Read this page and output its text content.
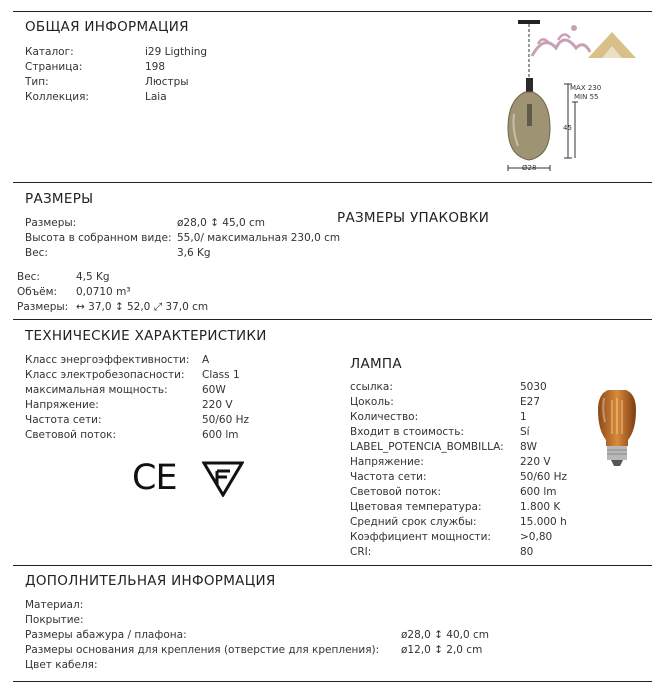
ОБЩАЯ ИНФОРМАЦИЯ
Каталог:	i29 Ligthing
Страница:	198
Тип:	Люстры
Коллекция:	Laia
MAX 230
MIN 55
45
Ø28
РАЗМЕРЫ
Размеры:	ø28,0 ↕ 45,0 cm
Высота в собранном виде: 55,0/ максимальная 230,0 cm
Вес:	3,6 Kg
РАЗМЕРЫ УПАКОВКИ
Вес:	4,5 Kg
Объём: 0,0710 m³
Размеры: ↔ 37,0 ↕ 52,0 ⤢ 37,0 cm
ТЕХНИЧЕСКИЕ ХАРАКТЕРИСТИКИ
Класс энергоэффективности: A
Класс электробезопасности: Class 1
максимальная мощность:	60W
Напряжение:	220 V
Частота сети:	50/60 Hz
Световой поток:	600 lm
CE
ЛАМПА
ссылка:	5030
Цоколь:	E27
Количество:	1
Входит в стоимость:	Sí
LABEL_POTENCIA_BOMBILLA: 8W
Напряжение:	220 V
Частота сети:	50/60 Hz
Световой поток:	600 lm
Цветовая температура:	1.800 K
Средний срок службы:	15.000 h
Коэффициент мощности:	>0,80
CRI:	80
ДОПОЛНИТЕЛЬНАЯ ИНФОРМАЦИЯ
Материал:
Покрытие:
Размеры абажура / плафона:	ø28,0 ↕ 40,0 cm
Размеры основания для крепления (отверстие для крепления): ø12,0 ↕ 2,0 cm
Цвет кабеля:
